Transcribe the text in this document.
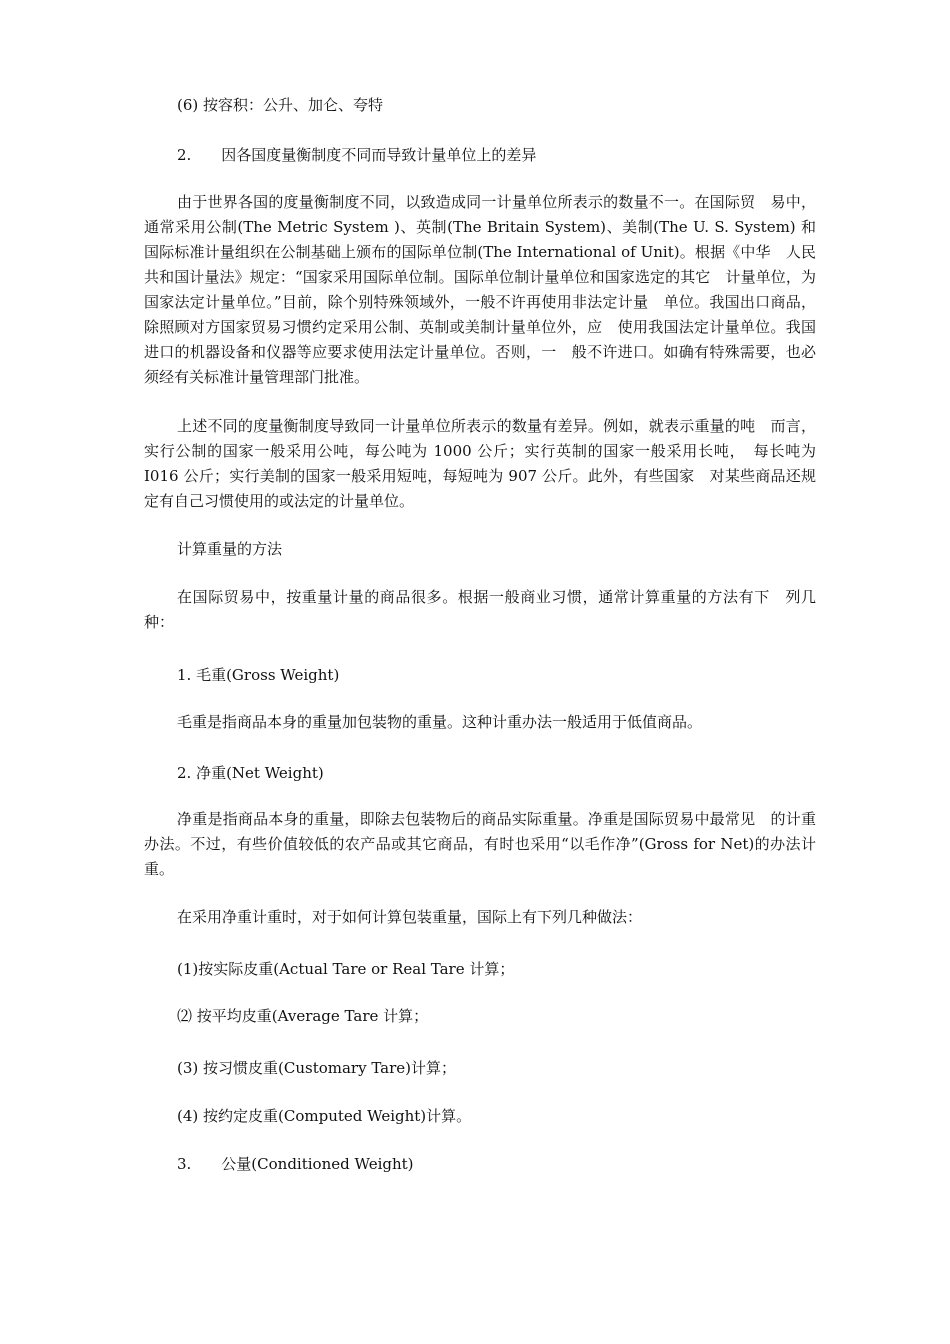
(6) 按容积：公升、加仑、夸特

2.　　因各国度量衡制度不同而导致计量单位上的差异

由于世界各国的度量衡制度不同，以致造成同一计量单位所表示的数量不一。在国际贸　易中，通常采用公制(The Metric System )、英制(The Britain System)、美制(The U. S. System) 和国际标准计量组织在公制基础上颁布的国际单位制(The International of Unit)。根据《中华　人民共和国计量法》规定：“国家采用国际单位制。国际单位制计量单位和国家选定的其它　计量单位，为国家法定计量单位。”目前，除个别特殊领域外，一般不许再使用非法定计量　单位。我国出口商品，除照顾对方国家贸易习惯约定采用公制、英制或美制计量单位外，应　使用我国法定计量单位。我国进口的机器设备和仪器等应要求使用法定计量单位。否则，一　般不许进口。如确有特殊需要，也必须经有关标准计量管理部门批准。

上述不同的度量衡制度导致同一计量单位所表示的数量有差异。例如，就表示重量的吨　而言，实行公制的国家一般采用公吨，每公吨为 1000 公斤；实行英制的国家一般采用长吨，　每长吨为 I016 公斤；实行美制的国家一般采用短吨，每短吨为 907 公斤。此外，有些国家　对某些商品还规定有自己习惯使用的或法定的计量单位。

计算重量的方法

在国际贸易中，按重量计量的商品很多。根据一般商业习惯，通常计算重量的方法有下　列几种：

1. 毛重(Gross Weight)

毛重是指商品本身的重量加包装物的重量。这种计重办法一般适用于低值商品。

2. 净重(Net Weight)

净重是指商品本身的重量，即除去包装物后的商品实际重量。净重是国际贸易中最常见　的计重办法。不过，有些价值较低的农产品或其它商品，有时也采用“以毛作净”(Gross for Net)的办法计重。

在采用净重计重时，对于如何计算包装重量，国际上有下列几种做法：

(1)按实际皮重(Actual Tare or Real Tare 计算；

⑵ 按平均皮重(Average Tare 计算；

(3) 按习惯皮重(Customary Tare)计算；

(4) 按约定皮重(Computed Weight)计算。

3.　　公量(Conditioned Weight)
